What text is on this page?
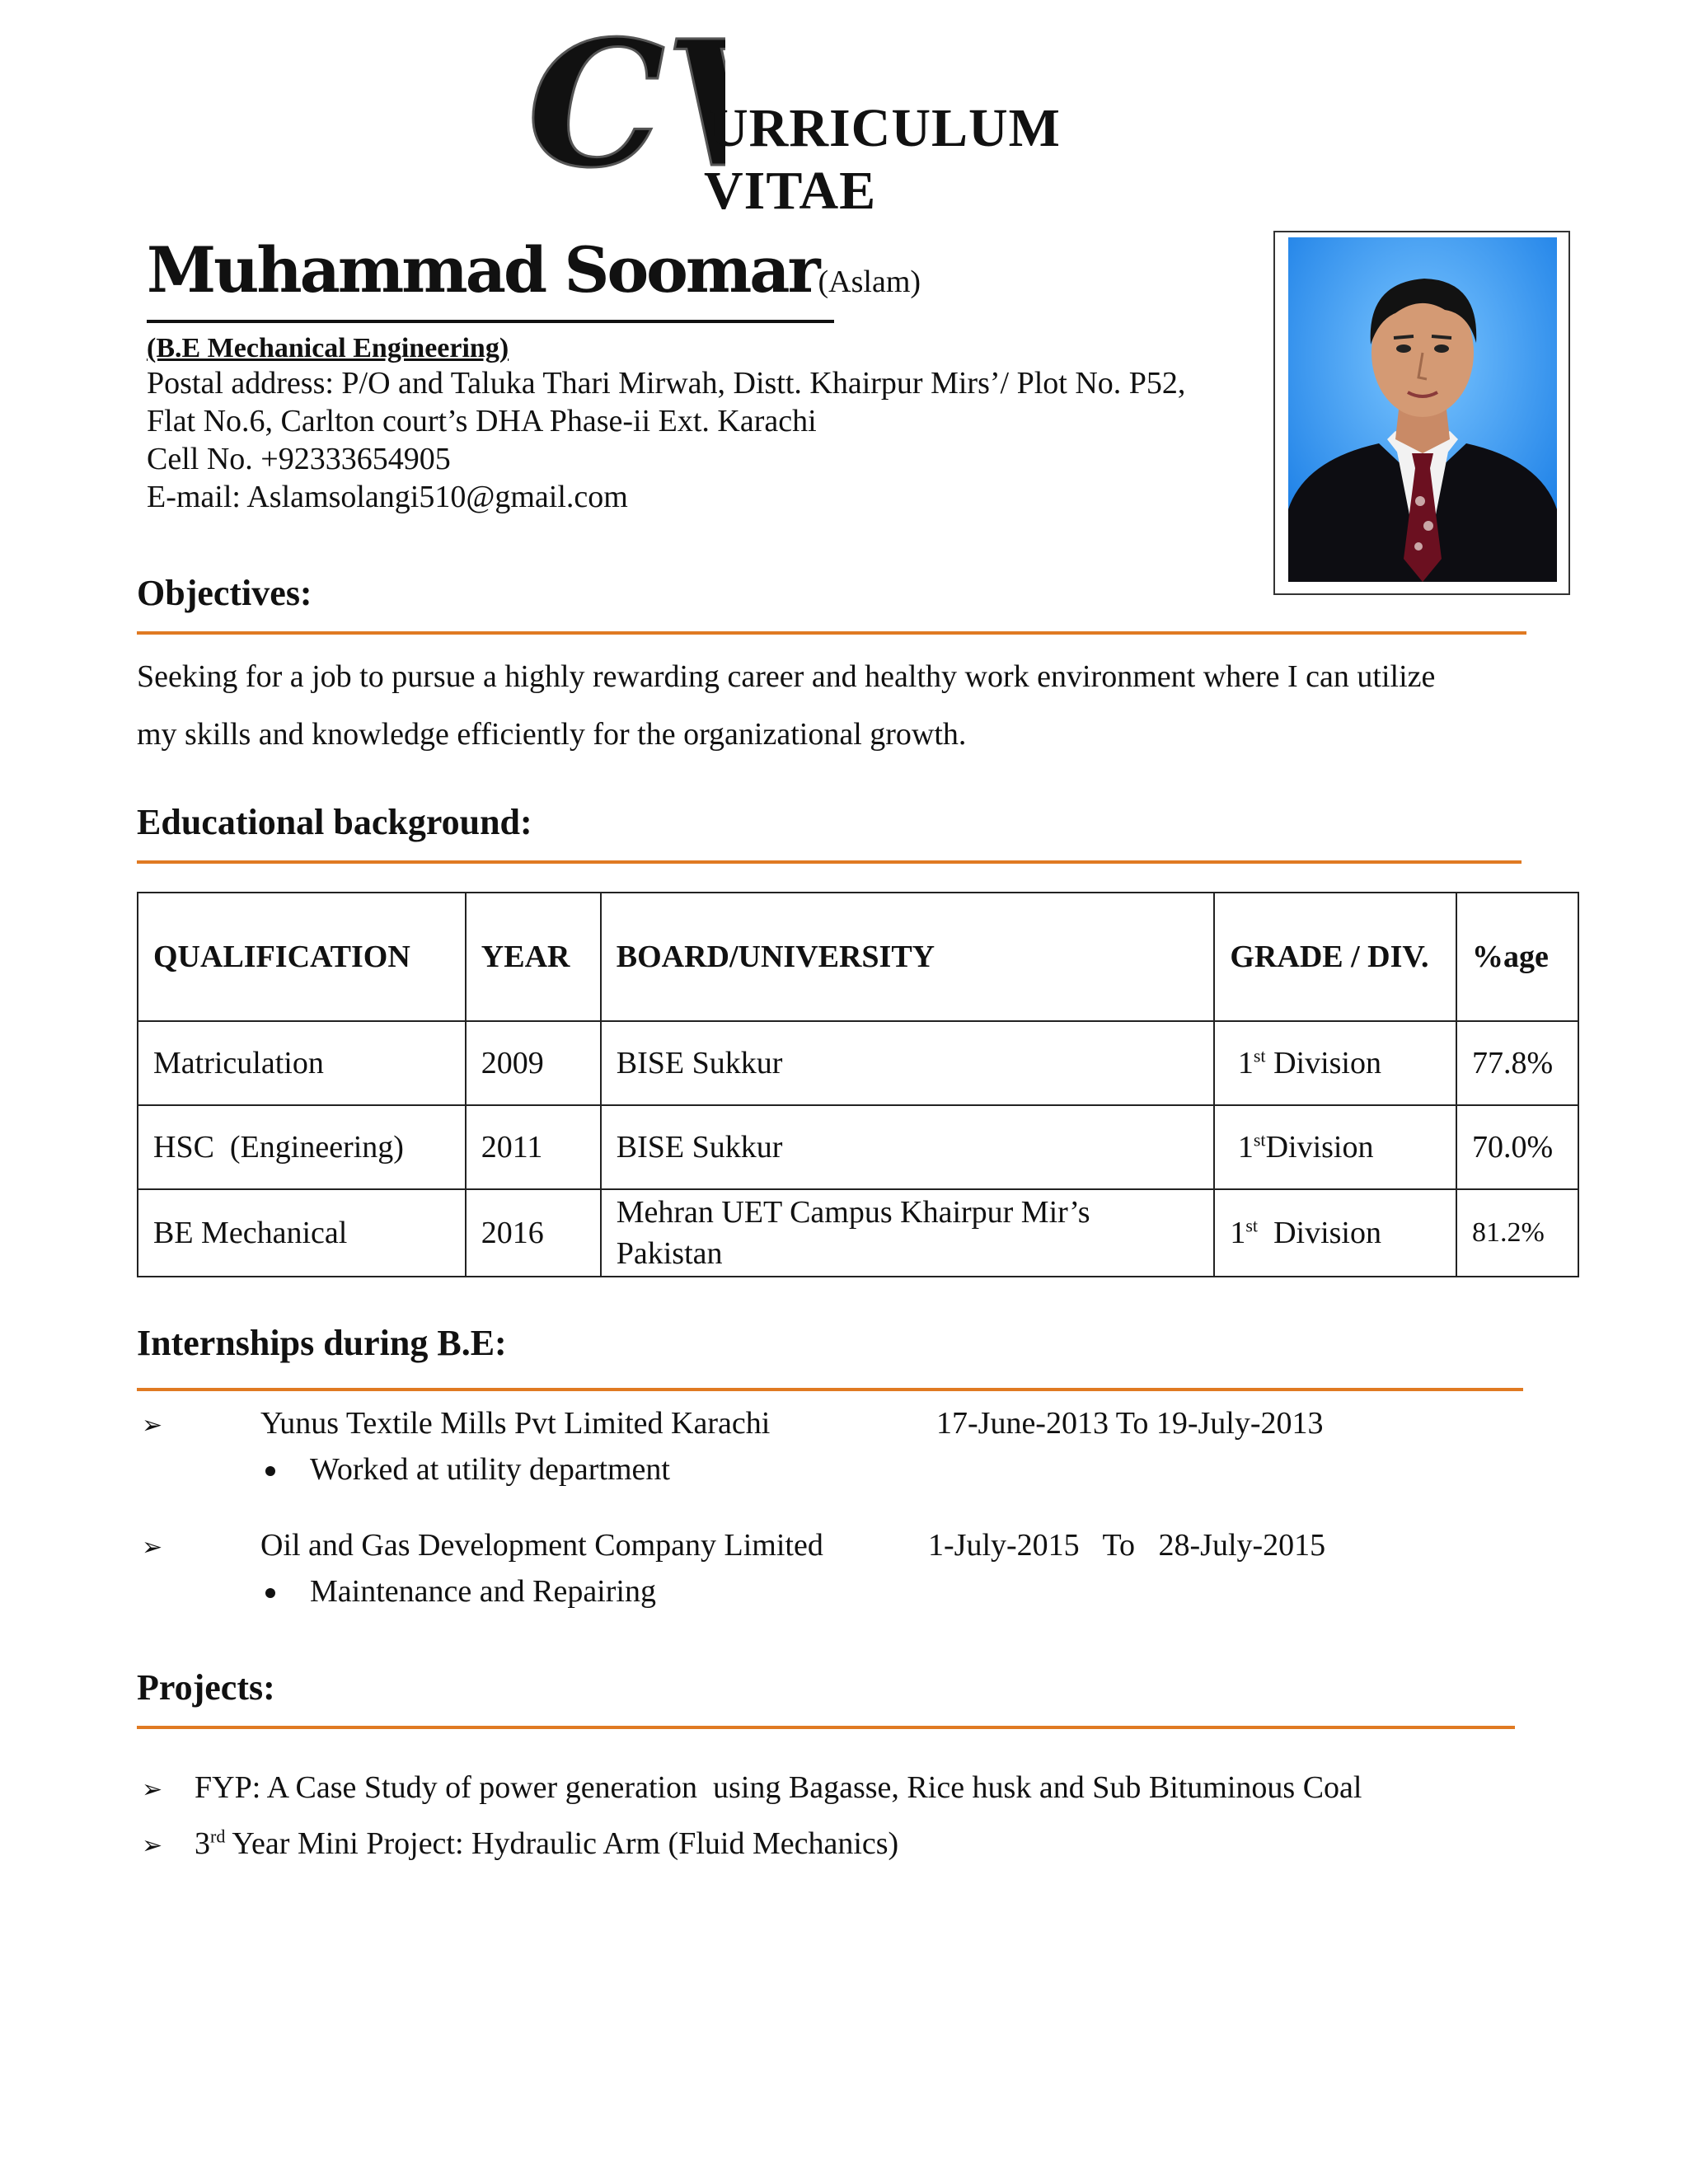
C URRICULUM
VITAE
Muhammad Soomar(Aslam)
(B.E Mechanical Engineering)
Postal address: P/O and Taluka Thari Mirwah, Distt. Khairpur Mirs’/ Plot No. P52,
Flat No.6, Carlton court’s DHA Phase-ii Ext. Karachi
Cell No. +92333654905
E-mail: Aslamsolangi510@gmail.com
Objectives:
Seeking for a job to pursue a highly rewarding career and healthy work environment where I can utilize
my skills and knowledge efficiently for the organizational growth.
Educational background:
QUALIFICATION	YEAR	BOARD/UNIVERSITY	GRADE / DIV.	%age
Matriculation	2009	BISE Sukkur	1st Division	77.8%
HSC  (Engineering)	2011	BISE Sukkur	1stDivision	70.0%
BE Mechanical	2016	Mehran UET Campus Khairpur Mir’s
Pakistan	1st  Division	81.2%
Internships during B.E:
➢	Yunus Textile Mills Pvt Limited Karachi	17-June-2013 To 19-July-2013
Worked at utility department
➢	Oil and Gas Development Company Limited	1-July-2015   To   28-July-2015
Maintenance and Repairing
Projects:
➢ FYP: A Case Study of power generation  using Bagasse, Rice husk and Sub Bituminous Coal
➢ 3rd Year Mini Project: Hydraulic Arm (Fluid Mechanics)
